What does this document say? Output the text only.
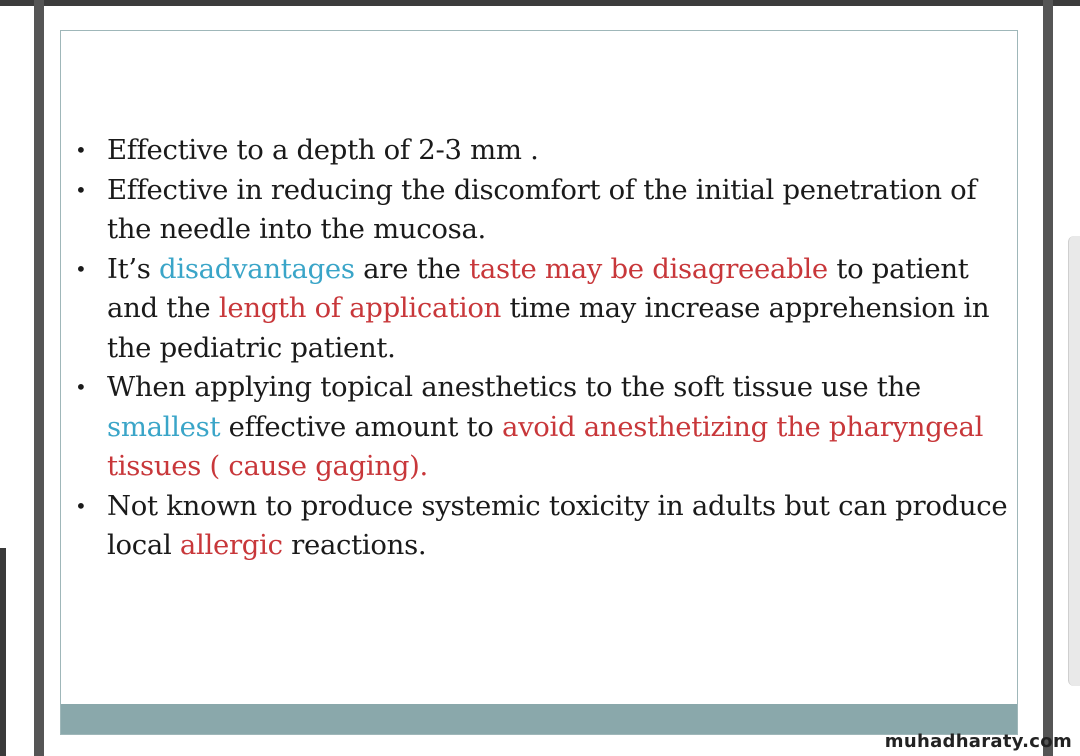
• Effective to a depth of 2-3 mm .
• Effective in reducing the discomfort of the initial penetration of the needle into the mucosa.
• It’s disadvantages are the taste may be disagreeable to patient and the length of application time may increase apprehension in the pediatric patient.
• When applying topical anesthetics to the soft tissue use the smallest effective amount to avoid anesthetizing the pharyngeal tissues ( cause gaging).
• Not known to produce systemic toxicity in adults but can produce local allergic reactions.
muhadharaty.com
